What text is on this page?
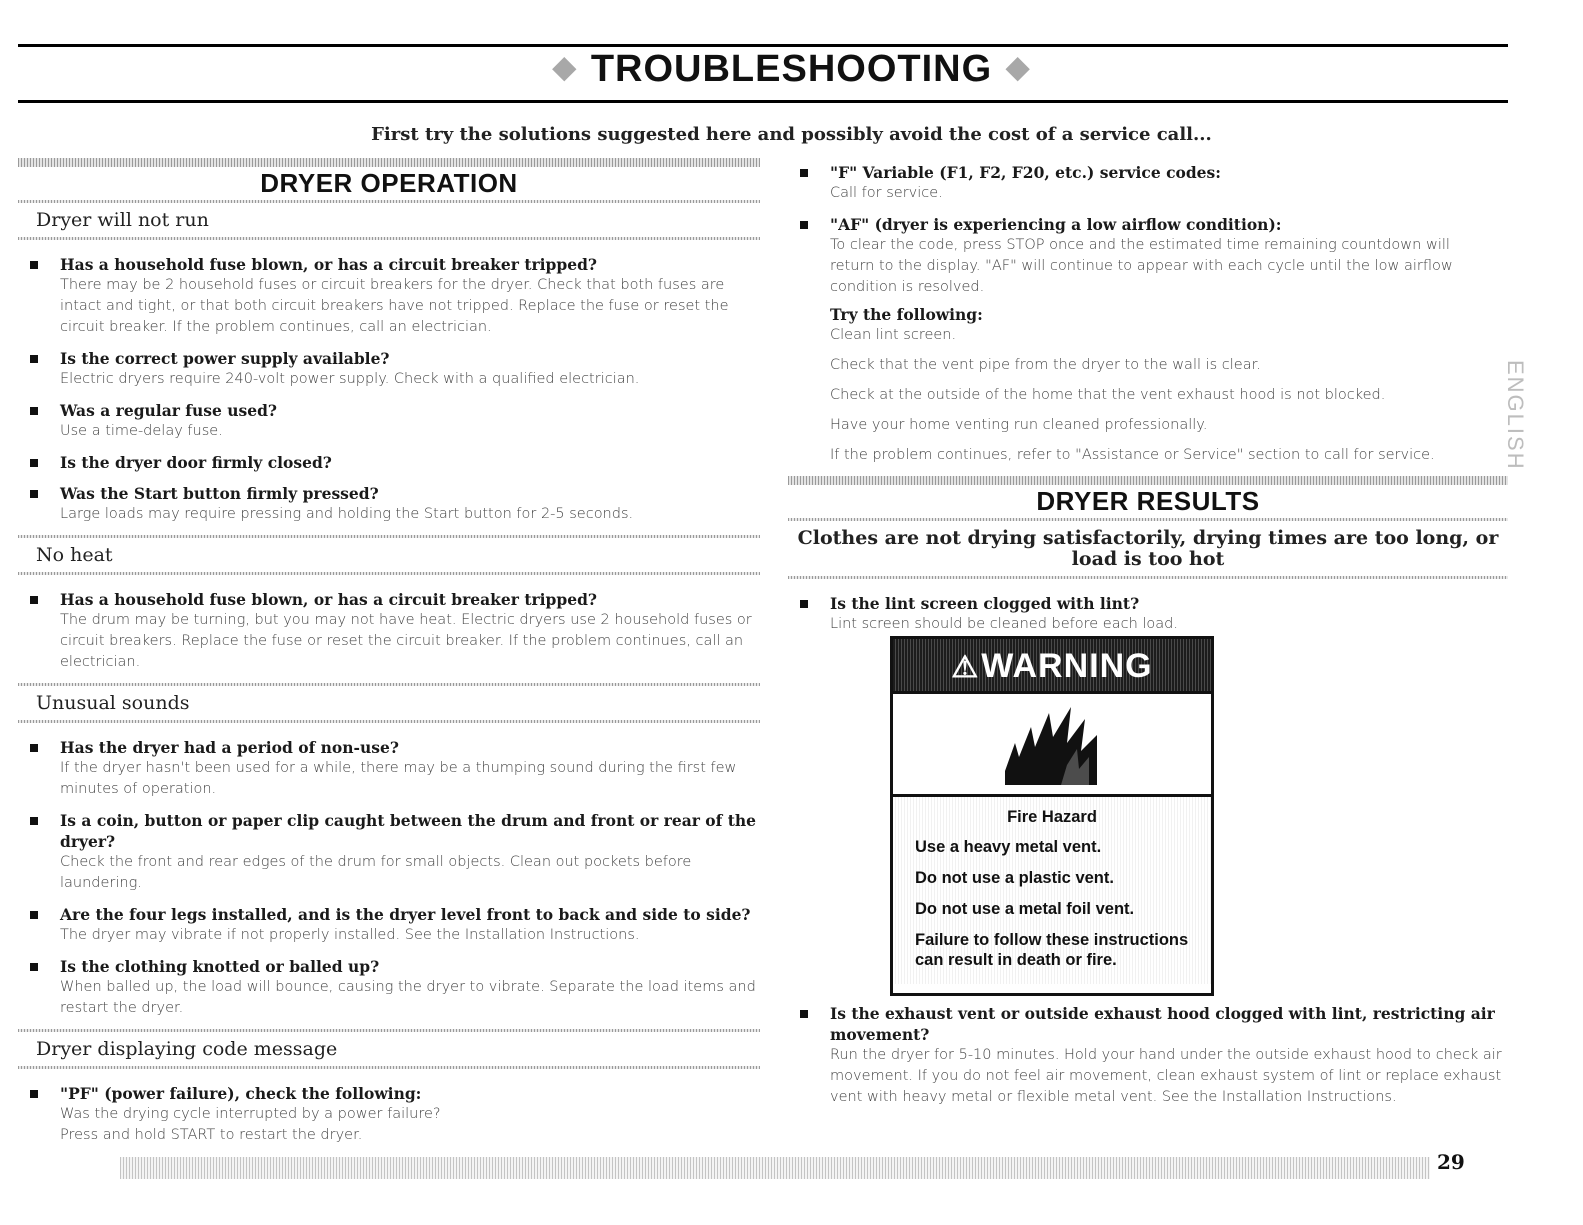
◆ TROUBLESHOOTING ◆
First try the solutions suggested here and possibly avoid the cost of a service call...
DRYER OPERATION
Dryer will not run
Has a household fuse blown, or has a circuit breaker tripped?
There may be 2 household fuses or circuit breakers for the dryer. Check that both fuses are intact and tight, or that both circuit breakers have not tripped. Replace the fuse or reset the circuit breaker. If the problem continues, call an electrician.
Is the correct power supply available?
Electric dryers require 240-volt power supply. Check with a qualified electrician.
Was a regular fuse used?
Use a time-delay fuse.
Is the dryer door firmly closed?
Was the Start button firmly pressed?
Large loads may require pressing and holding the Start button for 2-5 seconds.
No heat
Has a household fuse blown, or has a circuit breaker tripped?
The drum may be turning, but you may not have heat. Electric dryers use 2 household fuses or circuit breakers. Replace the fuse or reset the circuit breaker. If the problem continues, call an electrician.
Unusual sounds
Has the dryer had a period of non-use?
If the dryer hasn't been used for a while, there may be a thumping sound during the first few minutes of operation.
Is a coin, button or paper clip caught between the drum and front or rear of the dryer?
Check the front and rear edges of the drum for small objects. Clean out pockets before laundering.
Are the four legs installed, and is the dryer level front to back and side to side?
The dryer may vibrate if not properly installed. See the Installation Instructions.
Is the clothing knotted or balled up?
When balled up, the load will bounce, causing the dryer to vibrate. Separate the load items and restart the dryer.
Dryer displaying code message
"PF" (power failure), check the following:
Was the drying cycle interrupted by a power failure?
Press and hold START to restart the dryer.
"F" Variable (F1, F2, F20, etc.) service codes:
Call for service.
"AF" (dryer is experiencing a low airflow condition):
To clear the code, press STOP once and the estimated time remaining countdown will return to the display. "AF" will continue to appear with each cycle until the low airflow condition is resolved.
Try the following:
Clean lint screen.
Check that the vent pipe from the dryer to the wall is clear.
Check at the outside of the home that the vent exhaust hood is not blocked.
Have your home venting run cleaned professionally.
If the problem continues, refer to "Assistance or Service" section to call for service.
DRYER RESULTS
Clothes are not drying satisfactorily, drying times are too long, or load is too hot
Is the lint screen clogged with lint?
Lint screen should be cleaned before each load.
⚠WARNING
Fire Hazard
Use a heavy metal vent.
Do not use a plastic vent.
Do not use a metal foil vent.
Failure to follow these instructions can result in death or fire.
Is the exhaust vent or outside exhaust hood clogged with lint, restricting air movement?
Run the dryer for 5-10 minutes. Hold your hand under the outside exhaust hood to check air movement. If you do not feel air movement, clean exhaust system of lint or replace exhaust vent with heavy metal or flexible metal vent. See the Installation Instructions.
ENGLISH
29
